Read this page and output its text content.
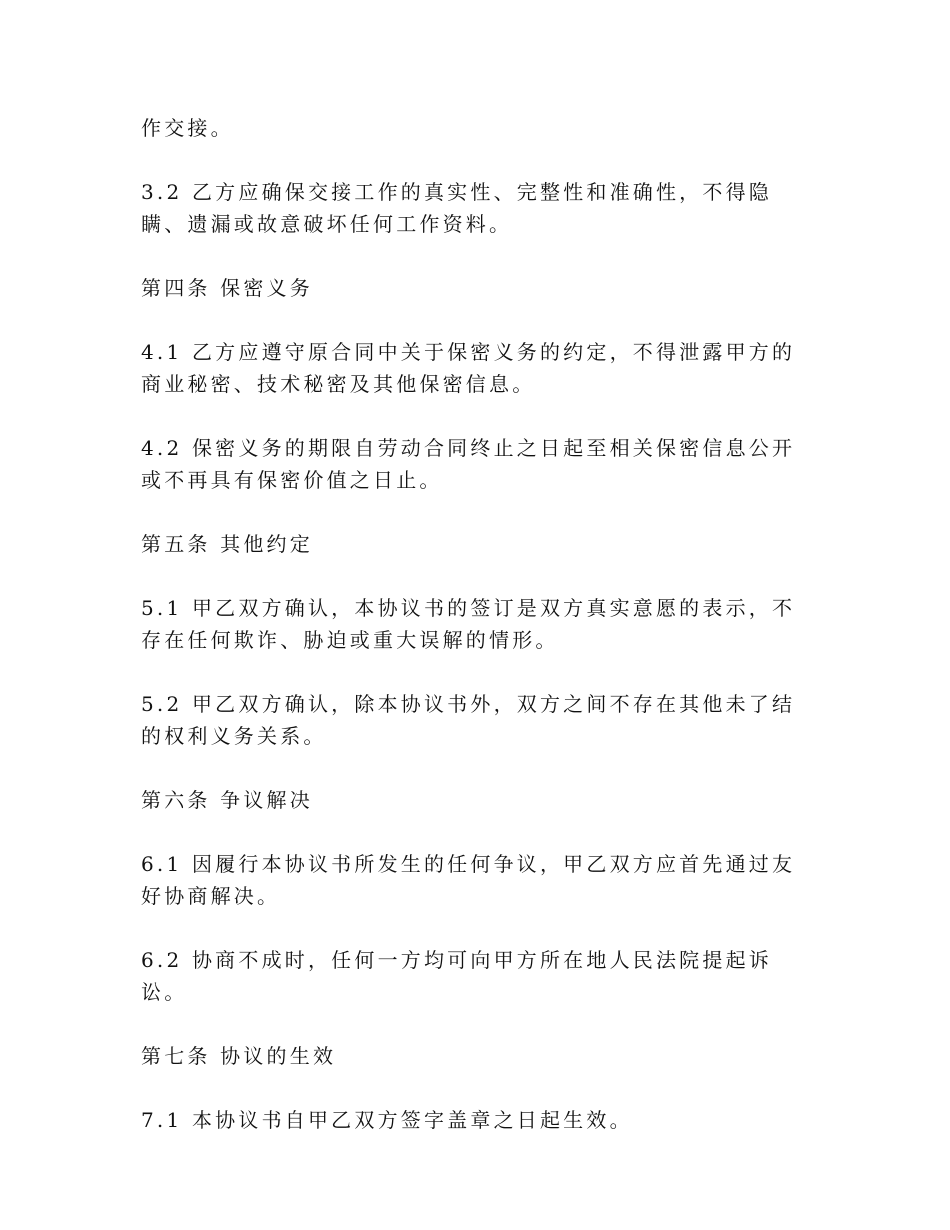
作交接。

3.2 乙方应确保交接工作的真实性、完整性和准确性，不得隐瞒、遗漏或故意破坏任何工作资料。

第四条 保密义务

4.1 乙方应遵守原合同中关于保密义务的约定，不得泄露甲方的商业秘密、技术秘密及其他保密信息。

4.2 保密义务的期限自劳动合同终止之日起至相关保密信息公开或不再具有保密价值之日止。

第五条 其他约定

5.1 甲乙双方确认，本协议书的签订是双方真实意愿的表示，不存在任何欺诈、胁迫或重大误解的情形。

5.2 甲乙双方确认，除本协议书外，双方之间不存在其他未了结的权利义务关系。

第六条 争议解决

6.1 因履行本协议书所发生的任何争议，甲乙双方应首先通过友好协商解决。

6.2 协商不成时，任何一方均可向甲方所在地人民法院提起诉讼。

第七条 协议的生效

7.1 本协议书自甲乙双方签字盖章之日起生效。
